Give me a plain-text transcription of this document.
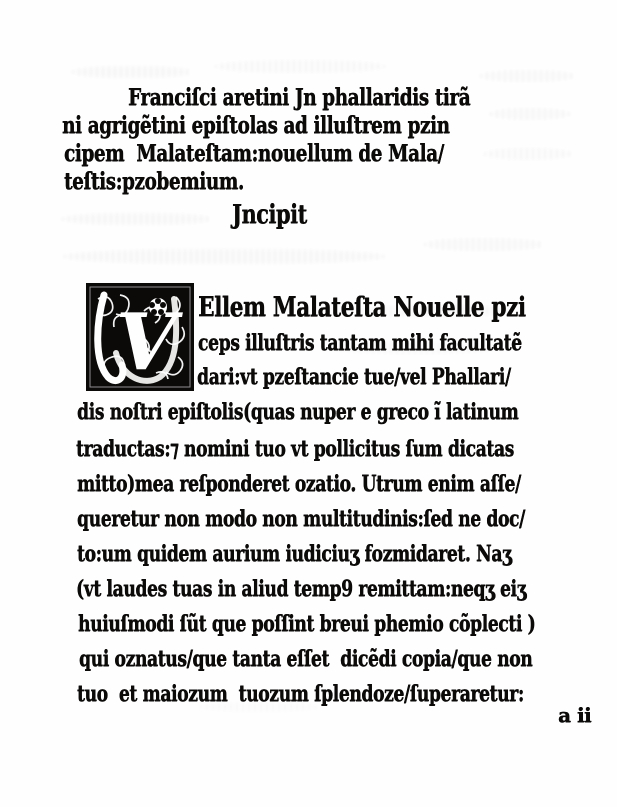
Franciſci aretini Jn phallaridis tirã
ni agrigẽtini epiſtolas ad illuſtrem pzin
cipem  Malateſtam:nouellum de Mala/
teſtis:pzobemium.
Jncipit
V Ellem Malateſta Nouelle pzi
ceps illuſtris tantam mihi facultatẽ
dari:vt pzeſtancie tue/vel Phallari/
dis noſtri epiſtolis(quas nuper e greco ĩ latinum
traductas:⁊ nomini tuo vt pollicitus ſum dicatas
mitto)mea reſponderet ozatio. Utrum enim aſſe/
queretur non modo non multitudinis:ſed ne doc/
to:um quidem aurium iudiciuʒ fozmidaret. Naʒ
(vt laudes tuas in aliud temp9 remittam:neqʒ eiʒ
huiuſmodi ſũt que poſſint breui phemio cõplecti )
qui oznatus/que tanta eſſet  dicẽdi copia/que non
tuo  et maiozum  tuozum ſplendoze/ſuperaretur:
a ii
